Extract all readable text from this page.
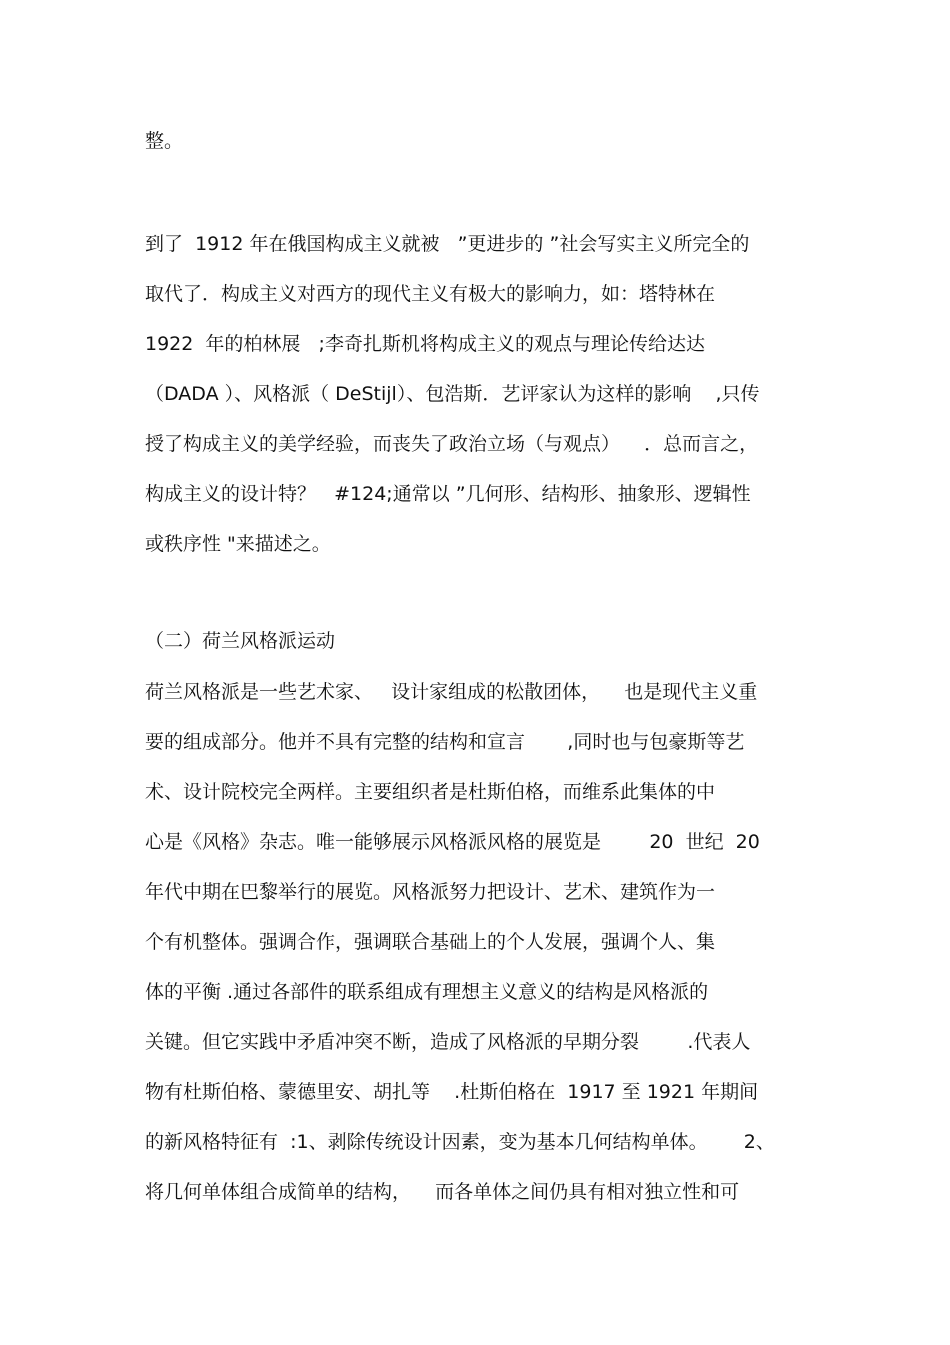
整。

到了  1912 年在俄国构成主义就被   ”更进步的 ”社会写实主义所完全的

取代了．构成主义对西方的现代主义有极大的影响力，如：塔特林在

1922  年的柏林展   ;李奇扎斯机将构成主义的观点与理论传给达达

（DADA ）、风格派（ DeStijl）、包浩斯．艺评家认为这样的影响    ,只传

授了构成主义的美学经验，而丧失了政治立场（与观点）    ．总而言之，

构成主义的设计特？   #124;通常以 ”几何形、结构形、抽象形、逻辑性

或秩序性 "来描述之。

（二）荷兰风格派运动

荷兰风格派是一些艺术家、   设计家组成的松散团体，    也是现代主义重

要的组成部分。他并不具有完整的结构和宣言       ,同时也与包豪斯等艺

术、设计院校完全两样。主要组织者是杜斯伯格，而维系此集体的中

心是《风格》杂志。唯一能够展示风格派风格的展览是        20  世纪  20

年代中期在巴黎举行的展览。风格派努力把设计、艺术、建筑作为一

个有机整体。强调合作，强调联合基础上的个人发展，强调个人、集

体的平衡 .通过各部件的联系组成有理想主义意义的结构是风格派的

关键。但它实践中矛盾冲突不断，造成了风格派的早期分裂        .代表人

物有杜斯伯格、蒙德里安、胡扎等    .杜斯伯格在  1917 至 1921 年期间

的新风格特征有  :1、剥除传统设计因素，变为基本几何结构单体。      2、

将几何单体组合成简单的结构，    而各单体之间仍具有相对独立性和可
